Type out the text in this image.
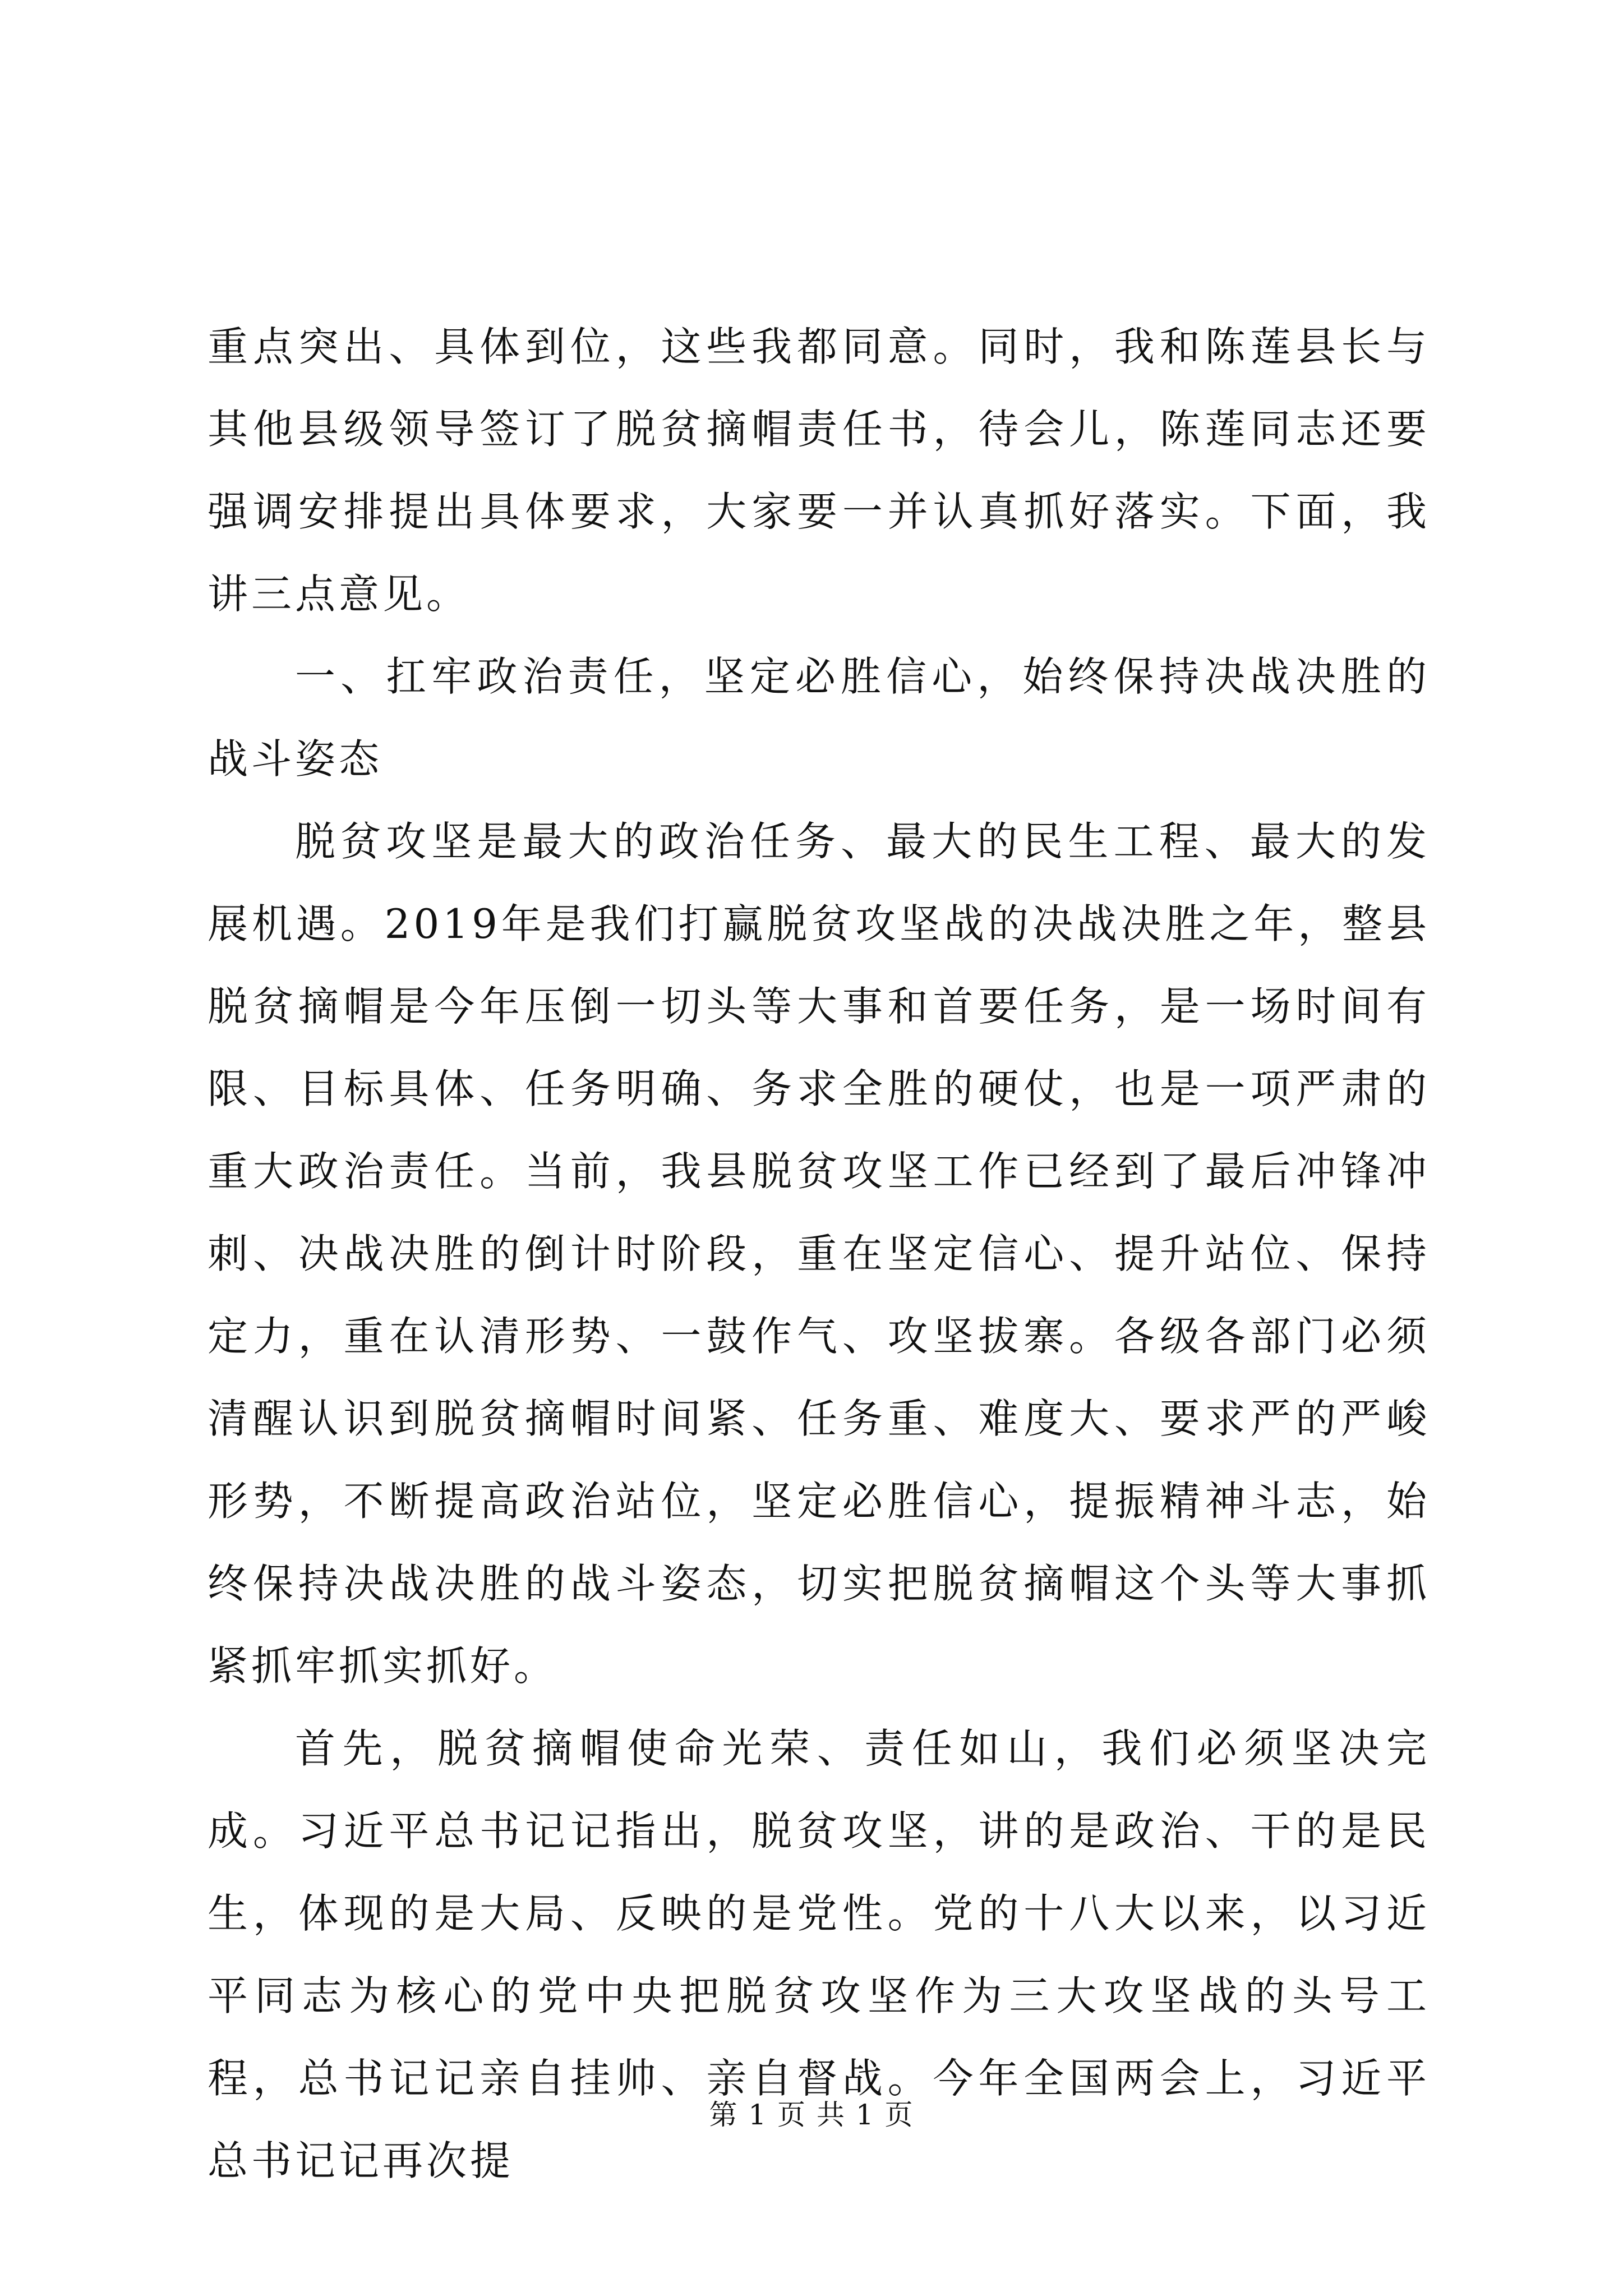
重点突出、具体到位，这些我都同意。同时，我和陈莲县长与其他县级领导签订了脱贫摘帽责任书，待会儿，陈莲同志还要强调安排提出具体要求，大家要一并认真抓好落实。下面，我讲三点意见。

一、扛牢政治责任，坚定必胜信心，始终保持决战决胜的战斗姿态

脱贫攻坚是最大的政治任务、最大的民生工程、最大的发展机遇。2019年是我们打赢脱贫攻坚战的决战决胜之年，整县脱贫摘帽是今年压倒一切头等大事和首要任务，是一场时间有限、目标具体、任务明确、务求全胜的硬仗，也是一项严肃的重大政治责任。当前，我县脱贫攻坚工作已经到了最后冲锋冲刺、决战决胜的倒计时阶段，重在坚定信心、提升站位、保持定力，重在认清形势、一鼓作气、攻坚拔寨。各级各部门必须清醒认识到脱贫摘帽时间紧、任务重、难度大、要求严的严峻形势，不断提高政治站位，坚定必胜信心，提振精神斗志，始终保持决战决胜的战斗姿态，切实把脱贫摘帽这个头等大事抓紧抓牢抓实抓好。

首先，脱贫摘帽使命光荣、责任如山，我们必须坚决完成。习近平总书记记指出，脱贫攻坚，讲的是政治、干的是民生，体现的是大局、反映的是党性。党的十八大以来，以习近平同志为核心的党中央把脱贫攻坚作为三大攻坚战的头号工程，总书记记亲自挂帅、亲自督战。今年全国两会上，习近平总书记记再次提

第 1 页 共 1 页
